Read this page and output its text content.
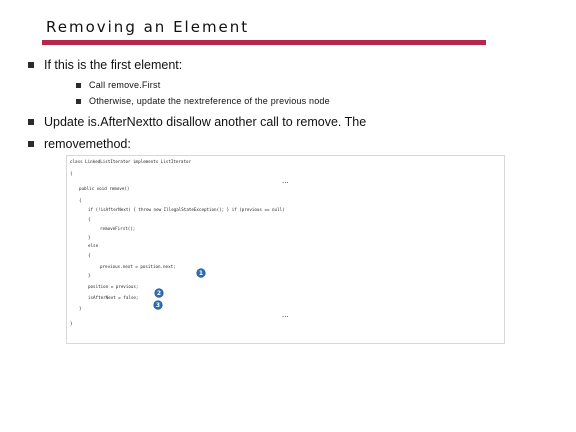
Removing an Element
If this is the first element:
Call remove.First
Otherwise, update the nextreference of the previous node
Update is.AfterNextto disallow another call to remove. The
removemethod:
class LinkedListIterator implements ListIterator
{
...
public void remove()
{
if (!isAfterNext) { throw new IllegalStateException(); } if (previous == null)
{
removeFirst();
}
else
{
previous.next = position.next;
1
}
position = previous;
2
isAfterNext = false;
3
}
...
}
